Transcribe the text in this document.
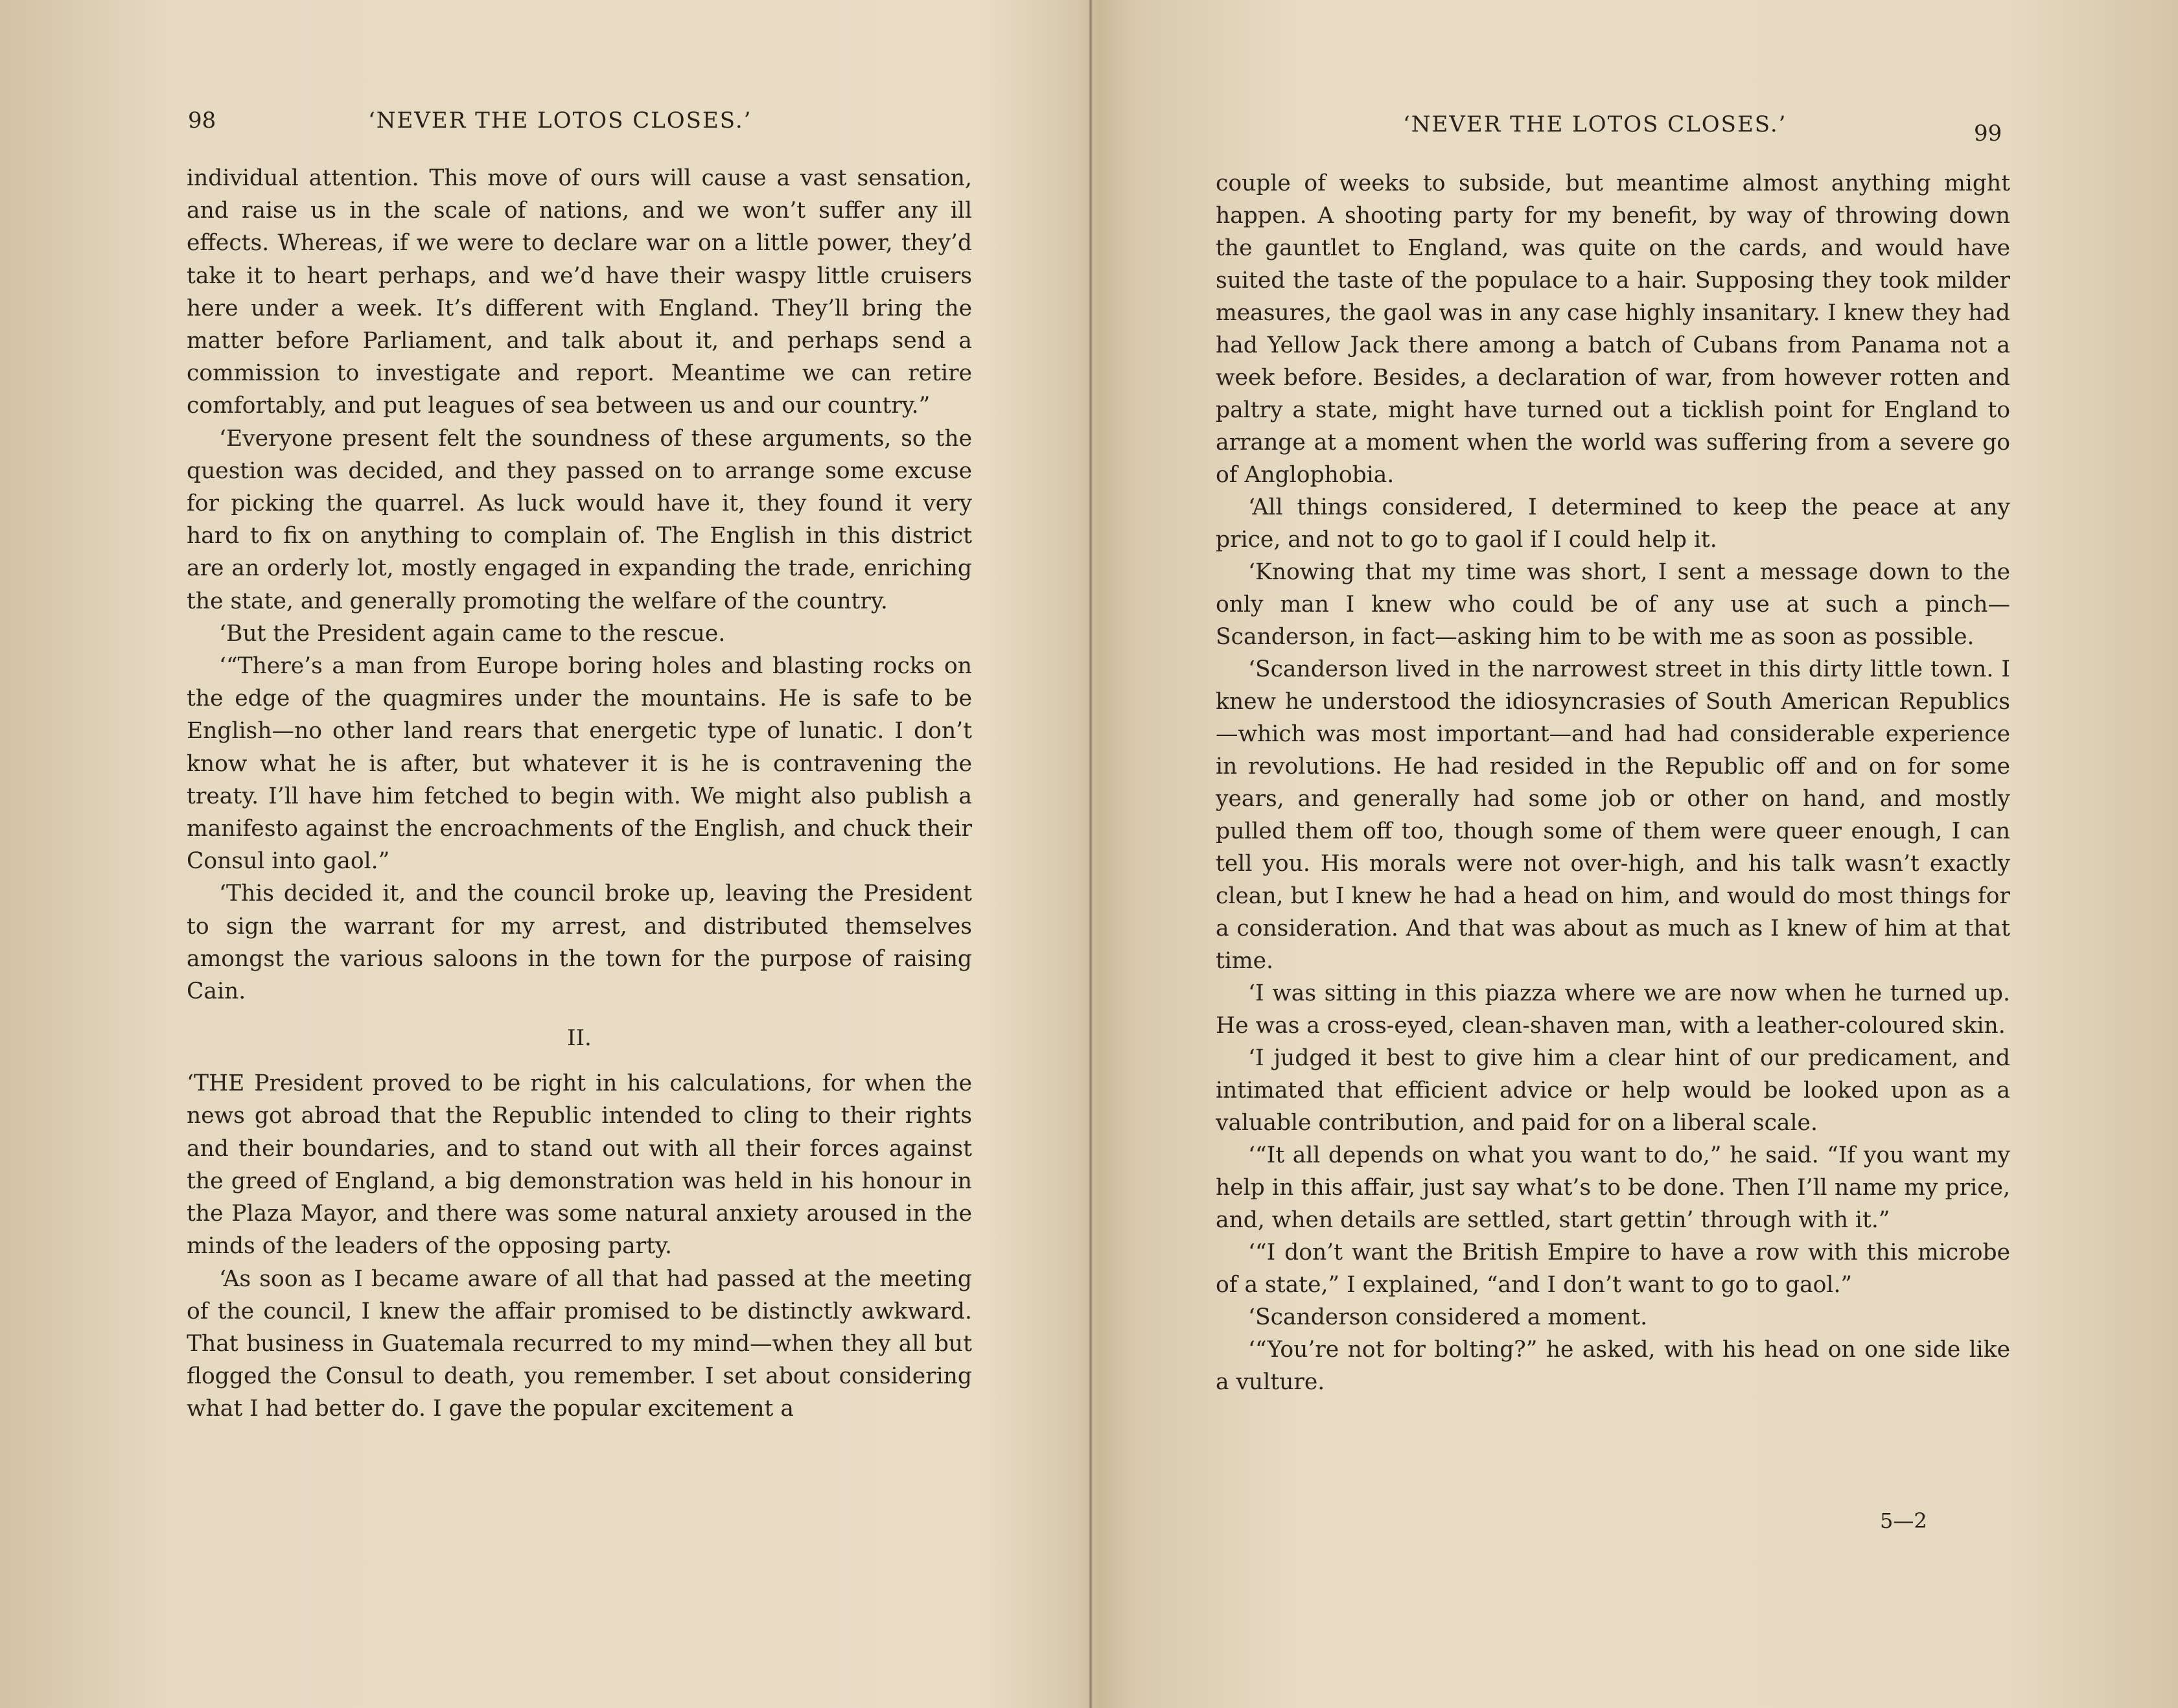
98	‘NEVER THE LOTOS CLOSES.’

individual attention. This move of ours will cause a vast sensation, and raise us in the scale of nations, and we won’t suffer any ill effects. Whereas, if we were to declare war on a little power, they’d take it to heart perhaps, and we’d have their waspy little cruisers here under a week. It’s different with England. They’ll bring the matter before Parliament, and talk about it, and perhaps send a commission to investigate and report. Meantime we can retire comfortably, and put leagues of sea between us and our country.”

‘Everyone present felt the soundness of these arguments, so the question was decided, and they passed on to arrange some excuse for picking the quarrel. As luck would have it, they found it very hard to fix on anything to complain of. The English in this district are an orderly lot, mostly engaged in expanding the trade, enriching the state, and generally promoting the welfare of the country.

‘But the President again came to the rescue.

‘“There’s a man from Europe boring holes and blasting rocks on the edge of the quagmires under the mountains. He is safe to be English—no other land rears that energetic type of lunatic. I don’t know what he is after, but whatever it is he is contravening the treaty. I’ll have him fetched to begin with. We might also publish a manifesto against the encroachments of the English, and chuck their Consul into gaol.”

‘This decided it, and the council broke up, leaving the President to sign the warrant for my arrest, and distributed themselves amongst the various saloons in the town for the purpose of raising Cain.

II.

‘THE President proved to be right in his calculations, for when the news got abroad that the Republic intended to cling to their rights and their boundaries, and to stand out with all their forces against the greed of England, a big demonstration was held in his honour in the Plaza Mayor, and there was some natural anxiety aroused in the minds of the leaders of the opposing party.

‘As soon as I became aware of all that had passed at the meeting of the council, I knew the affair promised to be distinctly awkward. That business in Guatemala recurred to my mind—when they all but flogged the Consul to death, you remember. I set about considering what I had better do. I gave the popular excitement a

‘NEVER THE LOTOS CLOSES.’	99

couple of weeks to subside, but meantime almost anything might happen. A shooting party for my benefit, by way of throwing down the gauntlet to England, was quite on the cards, and would have suited the taste of the populace to a hair. Supposing they took milder measures, the gaol was in any case highly insanitary. I knew they had had Yellow Jack there among a batch of Cubans from Panama not a week before. Besides, a declaration of war, from however rotten and paltry a state, might have turned out a ticklish point for England to arrange at a moment when the world was suffering from a severe go of Anglophobia.

‘All things considered, I determined to keep the peace at any price, and not to go to gaol if I could help it.

‘Knowing that my time was short, I sent a message down to the only man I knew who could be of any use at such a pinch—Scanderson, in fact—asking him to be with me as soon as possible.

‘Scanderson lived in the narrowest street in this dirty little town. I knew he understood the idiosyncrasies of South American Republics—which was most important—and had had considerable experience in revolutions. He had resided in the Republic off and on for some years, and generally had some job or other on hand, and mostly pulled them off too, though some of them were queer enough, I can tell you. His morals were not over-high, and his talk wasn’t exactly clean, but I knew he had a head on him, and would do most things for a consideration. And that was about as much as I knew of him at that time.

‘I was sitting in this piazza where we are now when he turned up. He was a cross-eyed, clean-shaven man, with a leather-coloured skin.

‘I judged it best to give him a clear hint of our predicament, and intimated that efficient advice or help would be looked upon as a valuable contribution, and paid for on a liberal scale.

‘“It all depends on what you want to do,” he said. “If you want my help in this affair, just say what’s to be done. Then I’ll name my price, and, when details are settled, start gettin’ through with it.”

‘“I don’t want the British Empire to have a row with this microbe of a state,” I explained, “and I don’t want to go to gaol.”

‘Scanderson considered a moment.

‘“You’re not for bolting?” he asked, with his head on one side like a vulture.

5—2
